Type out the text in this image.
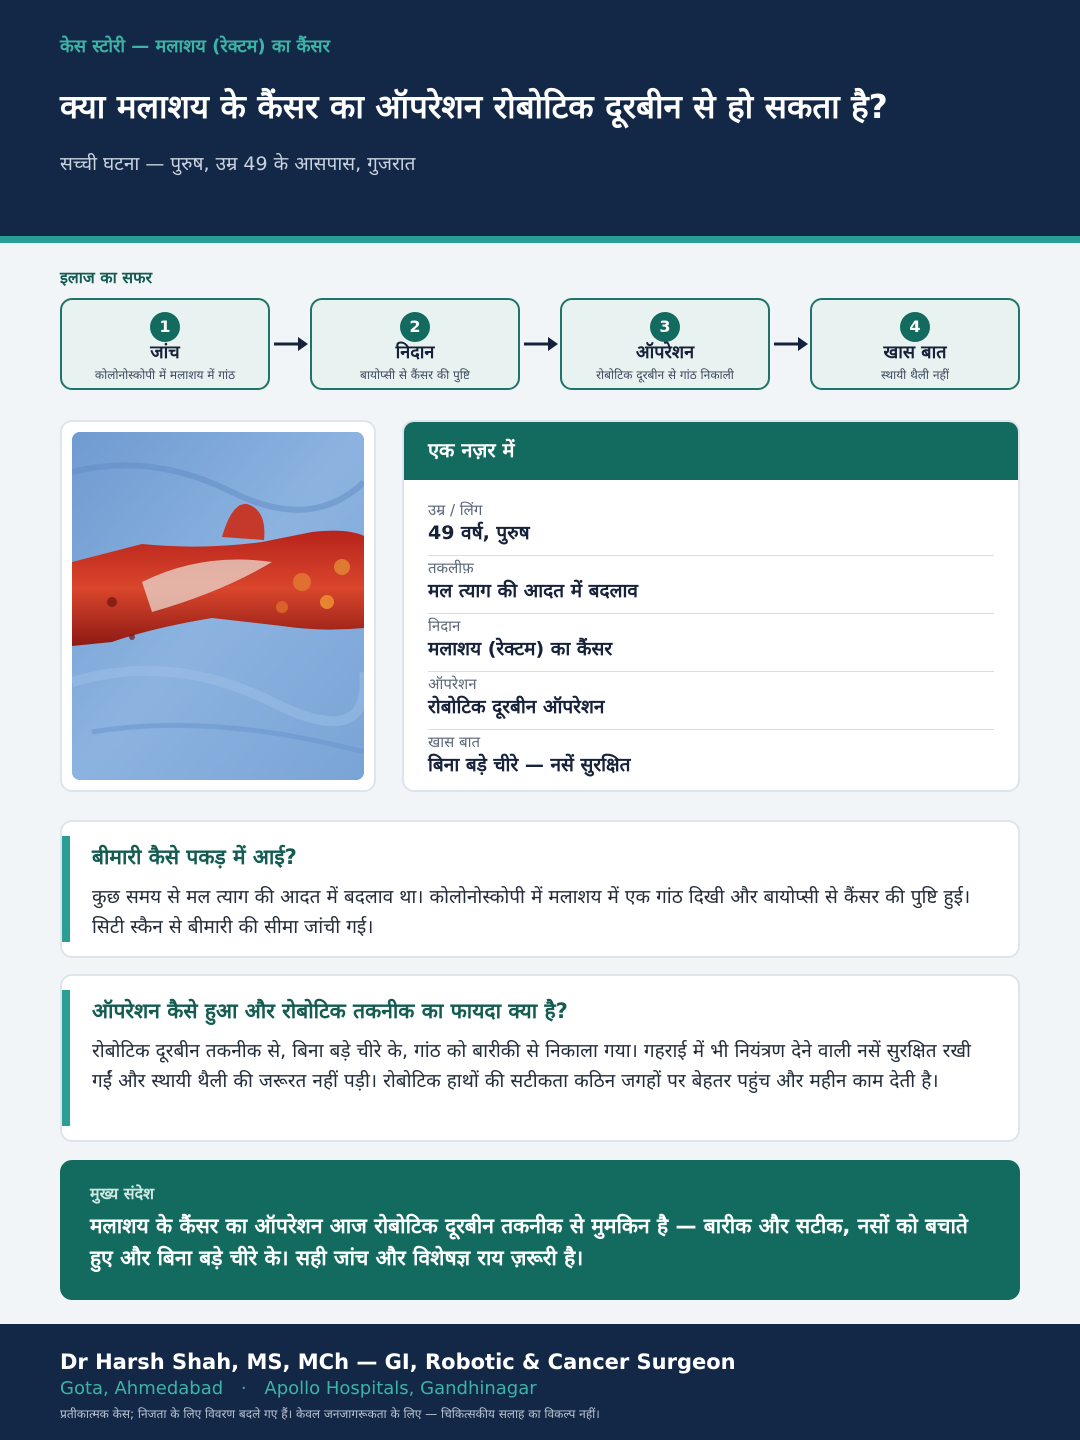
केस स्टोरी — मलाशय (रेक्टम) का कैंसर
क्या मलाशय के कैंसर का ऑपरेशन रोबोटिक दूरबीन से हो सकता है?
सच्ची घटना — पुरुष, उम्र 49 के आसपास, गुजरात
इलाज का सफर
1
जांच
कोलोनोस्कोपी में मलाशय में गांठ
2
निदान
बायोप्सी से कैंसर की पुष्टि
3
ऑपरेशन
रोबोटिक दूरबीन से गांठ निकाली
4
खास बात
स्थायी थैली नहीं
एक नज़र में
उम्र / लिंग
49 वर्ष, पुरुष
तकलीफ़
मल त्याग की आदत में बदलाव
निदान
मलाशय (रेक्टम) का कैंसर
ऑपरेशन
रोबोटिक दूरबीन ऑपरेशन
खास बात
बिना बड़े चीरे — नसें सुरक्षित
बीमारी कैसे पकड़ में आई?

कुछ समय से मल त्याग की आदत में बदलाव था। कोलोनोस्कोपी में मलाशय में एक गांठ दिखी और बायोप्सी से कैंसर की पुष्टि हुई। सिटी स्कैन से बीमारी की सीमा जांची गई।

ऑपरेशन कैसे हुआ और रोबोटिक तकनीक का फायदा क्या है?

रोबोटिक दूरबीन तकनीक से, बिना बड़े चीरे के, गांठ को बारीकी से निकाला गया। गहराई में भी नियंत्रण देने वाली नसें सुरक्षित रखी गईं और स्थायी थैली की जरूरत नहीं पड़ी। रोबोटिक हाथों की सटीकता कठिन जगहों पर बेहतर पहुंच और महीन काम देती है।

मुख्य संदेश
मलाशय के कैंसर का ऑपरेशन आज रोबोटिक दूरबीन तकनीक से मुमकिन है — बारीक और सटीक, नसों को बचाते हुए और बिना बड़े चीरे के। सही जांच और विशेषज्ञ राय ज़रूरी है।
Dr Harsh Shah, MS, MCh — GI, Robotic & Cancer Surgeon
Gota, Ahmedabad · Apollo Hospitals, Gandhinagar
प्रतीकात्मक केस; निजता के लिए विवरण बदले गए हैं। केवल जनजागरूकता के लिए — चिकित्सकीय सलाह का विकल्प नहीं।
